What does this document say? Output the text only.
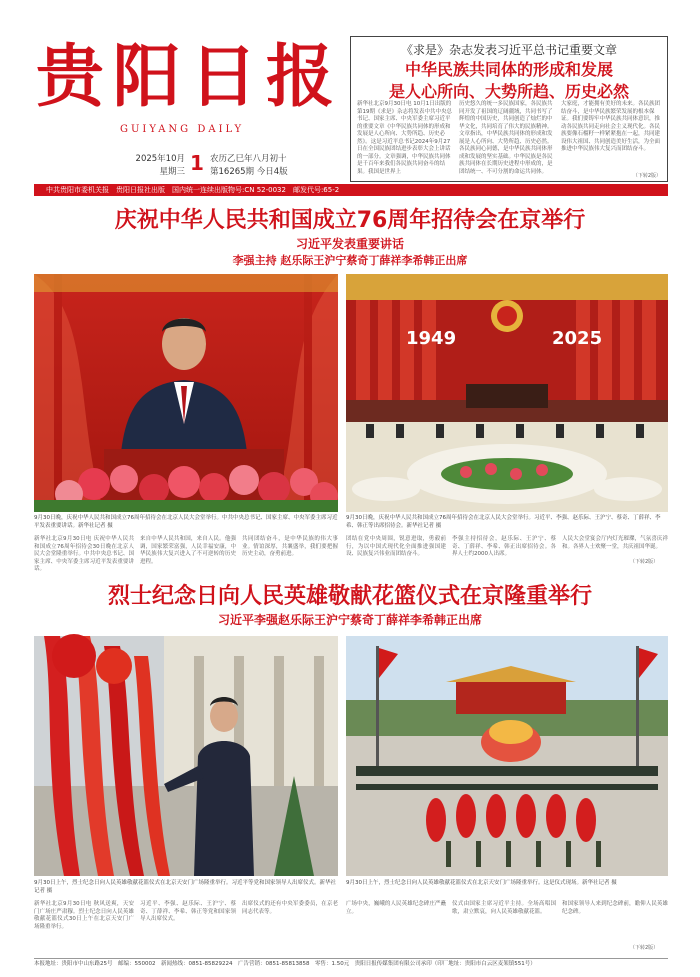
贵 阳 日 报
GUIYANG DAILY
2025年10月
星期三 1 农历乙巳年八月初十
第16265期 今日4版
中共贵阳市委机关报　贵阳日报社出版　国内统一连续出版物号:CN 52-0032　邮发代号:65-2
《求是》杂志发表习近平总书记重要文章
中华民族共同体的形成和发展
是人心所向、大势所趋、历史必然
新华社北京9月30日电 10月1日出版的第19期《求是》杂志将发表中共中央总书记、国家主席、中央军委主席习近平的重要文章《中华民族共同体的形成和发展是人心所向、大势所趋、历史必然》。这是习近平总书记2024年9月27日在全国民族团结进步表彰大会上讲话的一部分。文章强调，中华民族共同体是千百年来我们各民族共同奋斗的结果。我国是世界上
历史悠久的统一多民族国家，各民族共同开发了祖国的辽阔疆域，共同书写了辉煌的中国历史，共同创造了灿烂的中华文化，共同培育了伟大的民族精神。文章指出，中华民族共同体的形成和发展是人心所向、大势所趋、历史必然。各民族同心同德，是中华民族共同体形成和发展的坚实基础。中华民族是各民族共同体在长期历史进程中形成的，是团结统一、不可分割的命运共同体。
大家庭，才能拥有美好的未来。各民族团结奋斗，是中华民族繁荣发展的根本保证。我们要铸牢中华民族共同体意识，推动各民族共同走向社会主义现代化。各民族要像石榴籽一样紧紧抱在一起，共同建设伟大祖国、共同创造美好生活，为全面推进中华民族伟大复兴而团结奋斗。
（下转2版）
庆祝中华人民共和国成立76周年招待会在京举行
习近平发表重要讲话
李强主持 赵乐际王沪宁蔡奇丁薛祥李希韩正出席
1949	2025
9月30日晚，庆祝中华人民共和国成立76周年招待会在北京人民大会堂举行。中共中央总书记、国家主席、中央军委主席习近平发表重要讲话。新华社记者 摄
9月30日晚，庆祝中华人民共和国成立76周年招待会在北京人民大会堂举行。习近平、李强、赵乐际、王沪宁、蔡奇、丁薛祥、李希、韩正等出席招待会。新华社记者 摄
新华社北京9月30日电 庆祝中华人民共和国成立76周年招待会30日晚在北京人民大会堂隆重举行。中共中央总书记、国家主席、中央军委主席习近平发表重要讲话。
来自中华人民共和国，来自人民。他强调，国家繁荣富强，人民幸福安康，中华民族伟大复兴进入了不可逆转的历史进程。
共同团结奋斗，是中华民族的伟大事业。情谊深厚，共襄盛举，我们要把握历史主动，奋勇前进。
团结在党中央周围，锐意进取，勇毅前行，为以中国式现代化全面推进强国建设、民族复兴伟业而团结奋斗。
李强主持招待会，赵乐际、王沪宁、蔡奇、丁薛祥、李希、韩正出席招待会。各界人士约2000人出席。
人民大会堂宴会厅内灯光璀璨，气氛喜庆祥和。各界人士欢聚一堂，共庆祖国华诞。
（下转2版）
烈士纪念日向人民英雄敬献花篮仪式在京隆重举行
习近平李强赵乐际王沪宁蔡奇丁薛祥李希韩正出席
9月30日上午，烈士纪念日向人民英雄敬献花篮仪式在北京天安门广场隆重举行。习近平等党和国家领导人出席仪式。新华社记者 摄
9月30日上午，烈士纪念日向人民英雄敬献花篮仪式在北京天安门广场隆重举行。这是仪式现场。新华社记者 摄
新华社北京9月30日电 秋风送爽，天安门广场庄严肃穆。烈士纪念日向人民英雄敬献花篮仪式30日上午在北京天安门广场隆重举行。
习近平、李强、赵乐际、王沪宁、蔡奇、丁薛祥、李希、韩正等党和国家领导人出席仪式。
出席仪式的还有中央军委委员，在京老同志代表等。
广场中央，巍峨的人民英雄纪念碑庄严矗立。
仪式由国家主席习近平主持。全场高唱国歌，肃立默哀，向人民英雄敬献花篮。
和国家领导人来到纪念碑前，瞻仰人民英雄纪念碑。
（下转2版）
本报地址：贵阳市中山东路25号　邮编：550002　新闻热线：0851-85829224　广告营销：0851-85813858　零售：1.50元　贵阳日报传媒集团有限公司承印（印厂地址：贵阳市白云区麦架镇551号）
